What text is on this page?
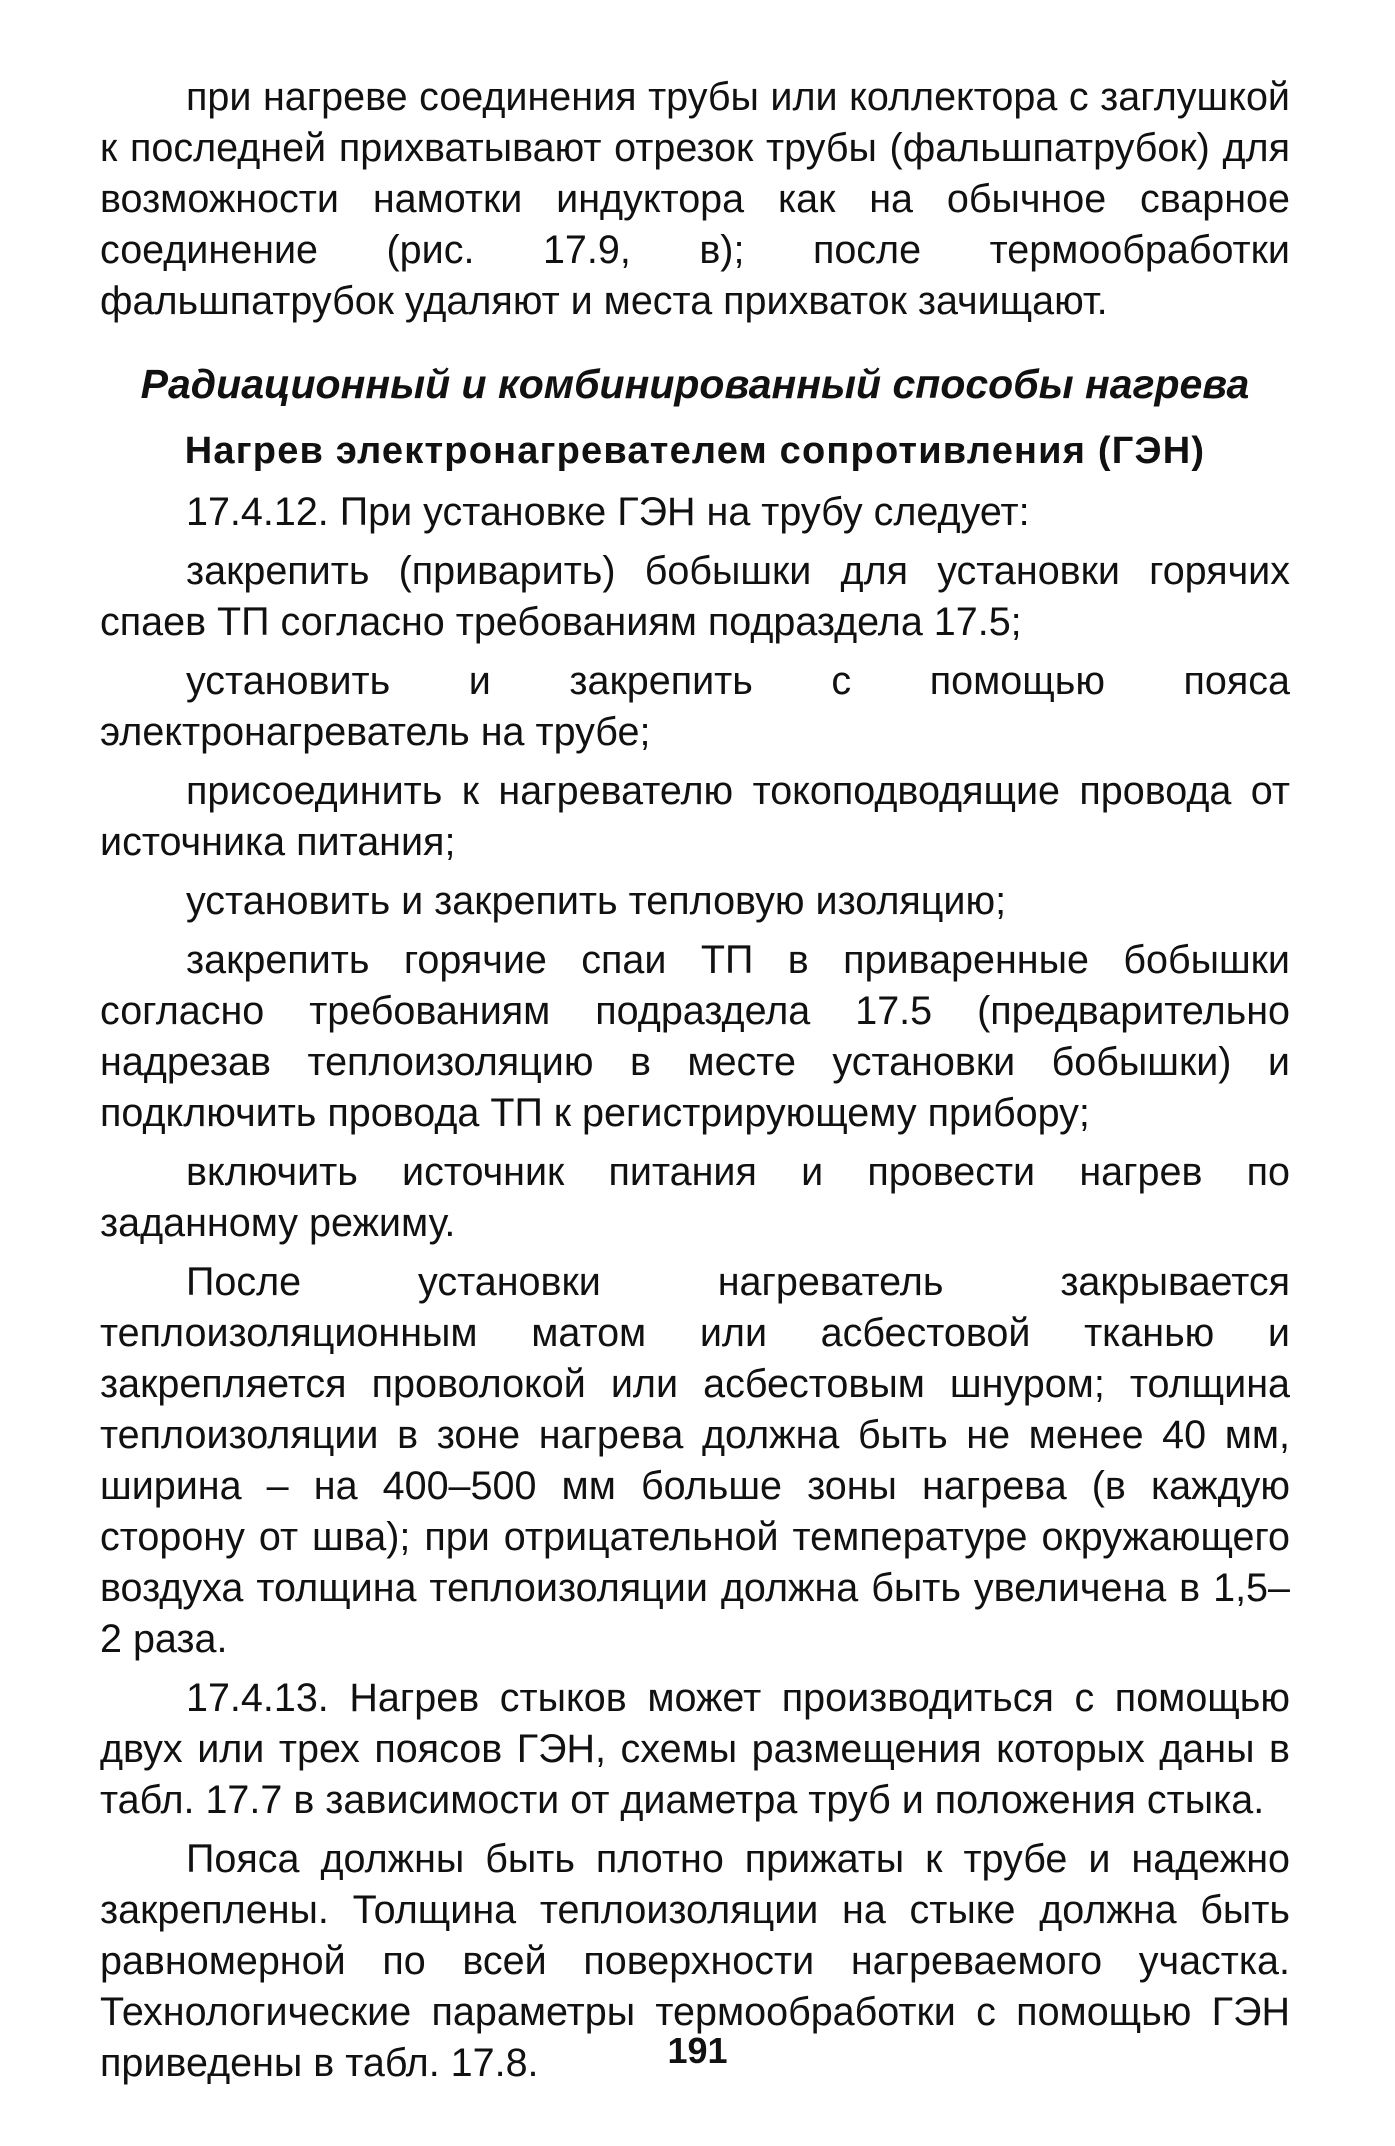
при нагреве соединения трубы или коллектора с заглушкой к последней прихватывают отрезок трубы (фальшпатрубок) для возможности намотки индуктора как на обычное сварное соединение (рис. 17.9, в); после термообработки фальшпатрубок удаляют и места прихваток зачищают.

Радиационный и комбинированный способы нагрева
Нагрев электронагревателем сопротивления (ГЭН)

17.4.12. При установке ГЭН на трубу следует:

закрепить (приварить) бобышки для установки горячих спаев ТП согласно требованиям подраздела 17.5;

установить и закрепить с помощью пояса электронагреватель на трубе;

присоединить к нагревателю токоподводящие провода от источника питания;

установить и закрепить тепловую изоляцию;

закрепить горячие спаи ТП в приваренные бобышки согласно требованиям подраздела 17.5 (предварительно надрезав теплоизоляцию в месте установки бобышки) и подключить провода ТП к регистрирующему прибору;

включить источник питания и провести нагрев по заданному режиму.

После установки нагреватель закрывается теплоизоляционным матом или асбестовой тканью и закрепляется проволокой или асбестовым шнуром; толщина теплоизоляции в зоне нагрева должна быть не менее 40 мм, ширина – на 400–500 мм больше зоны нагрева (в каждую сторону от шва); при отрицательной температуре окружающего воздуха толщина теплоизоляции должна быть увеличена в 1,5–2 раза.

17.4.13. Нагрев стыков может производиться с помощью двух или трех поясов ГЭН, схемы размещения которых даны в табл. 17.7 в зависимости от диаметра труб и положения стыка.

Пояса должны быть плотно прижаты к трубе и надежно закреплены. Толщина теплоизоляции на стыке должна быть равномерной по всей поверхности нагреваемого участка. Технологические параметры термообработки с помощью ГЭН приведены в табл. 17.8.	191
